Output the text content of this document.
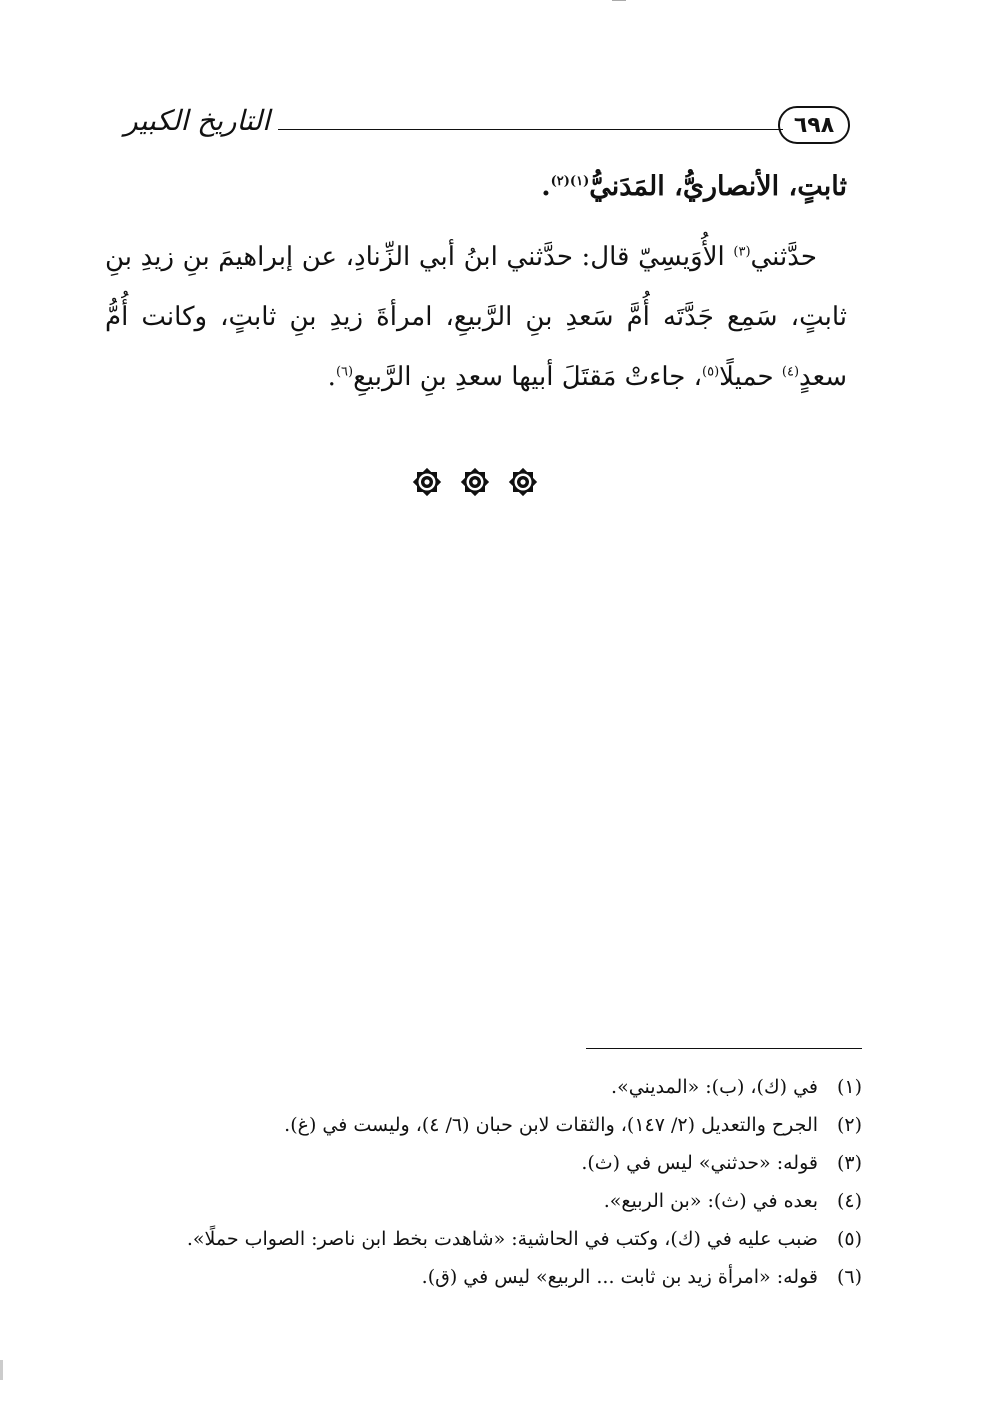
التاريخ الكبير	٦٩٨
ثابتٍ، الأنصاريُّ، المَدَنيُّ$^{(١)(٢)}$.

حدَّثني$^{(٣)}$ الأُوَيسِيّ قال: حدَّثني ابنُ أبي الزِّنادِ، عن إبراهيمَ بنِ زيدِ بنِ ثابتٍ، سَمِع جَدَّتَه أُمَّ سَعدِ بنِ الرَّبيعِ، امرأةَ زيدِ بنِ ثابتٍ، وكانت أُمُّ سعدٍ$^{(٤)}$ حميلًا$^{(٥)}$، جاءتْ مَقتَلَ أبيها سعدِ بنِ الرَّبيعِ$^{(٦)}$.

(١)
في (ك)، (ب): «المديني».
(٢)
الجرح والتعديل (٢/ ١٤٧)، والثقات لابن حبان (٦/ ٤)، وليست في (غ).
(٣)
قوله: «حدثني» ليس في (ث).
(٤)
بعده في (ث): «بن الربيع».
(٥)
ضبب عليه في (ك)، وكتب في الحاشية: «شاهدت بخط ابن ناصر: الصواب حملًا».
(٦)
قوله: «امرأة زيد بن ثابت ... الربيع» ليس في (ق).
